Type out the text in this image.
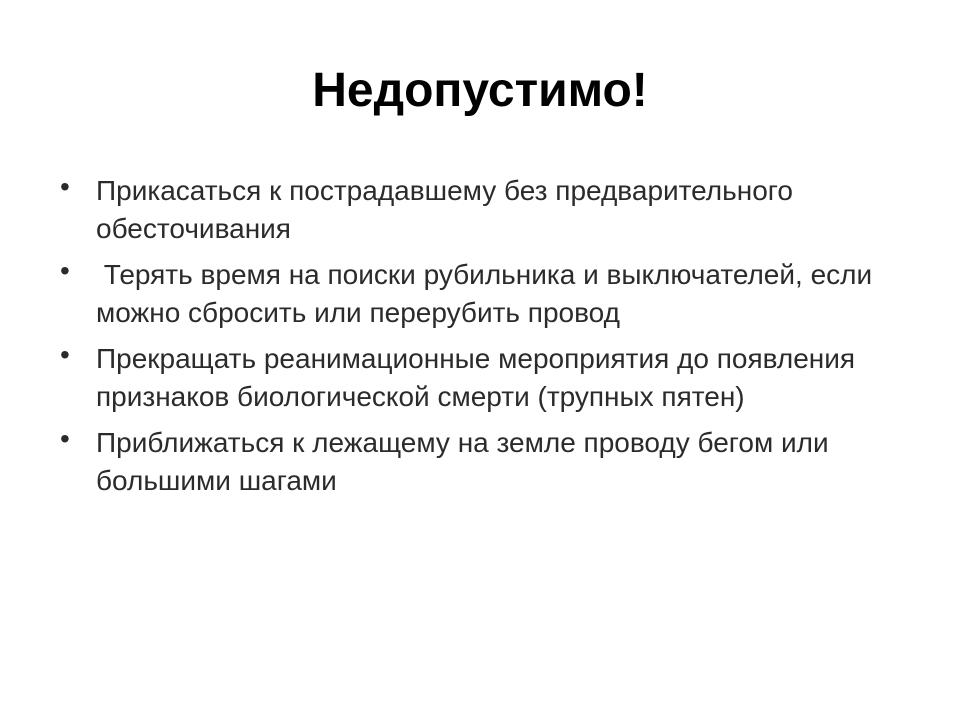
Недопустимо!
• Прикасаться к пострадавшему без предварительного обесточивания
• Терять время на поиски рубильника и выключателей, если можно сбросить или перерубить провод
• Прекращать реанимационные мероприятия до появления признаков биологической смерти (трупных пятен)
• Приближаться к лежащему на земле проводу бегом или большими шагами
